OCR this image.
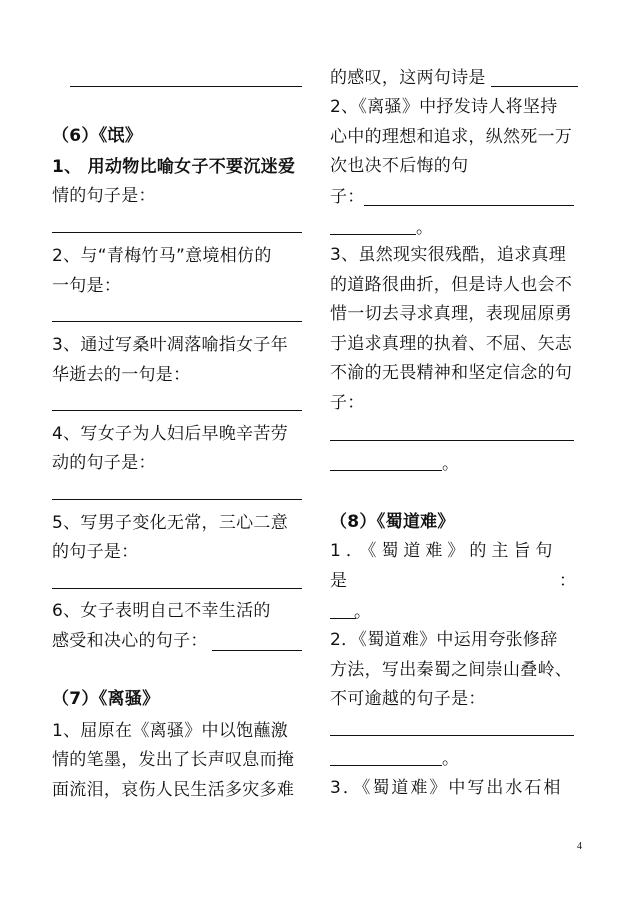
（6）《氓》
1、 用动物比喻女子不要沉迷爱
情的句子是：
2、与“青梅竹马”意境相仿的
一句是：
3、通过写桑叶凋落喻指女子年
华逝去的一句是：
4、写女子为人妇后早晚辛苦劳
动的句子是：
5、写男子变化无常，三心二意
的句子是：
6、女子表明自己不幸生活的
感受和决心的句子：
（7）《离骚》
1、屈原在《离骚》中以饱蘸激
情的笔墨，发出了长声叹息而掩
面流泪，哀伤人民生活多灾多难
的感叹，这两句诗是
2、《离骚》中抒发诗人将坚持
心中的理想和追求，纵然死一万
次也决不后悔的句
子：
。
3、虽然现实很残酷，追求真理
的道路很曲折，但是诗人也会不
惜一切去寻求真理，表现屈原勇
于追求真理的执着、不屈、矢志
不渝的无畏精神和坚定信念的句
子：
。
（8）《蜀道难》
1．《蜀道难》的主旨句
是	：
。
2．《蜀道难》中运用夸张修辞
方法，写出秦蜀之间崇山叠岭、
不可逾越的句子是：
。
3．《蜀道难》中写出水石相
4
